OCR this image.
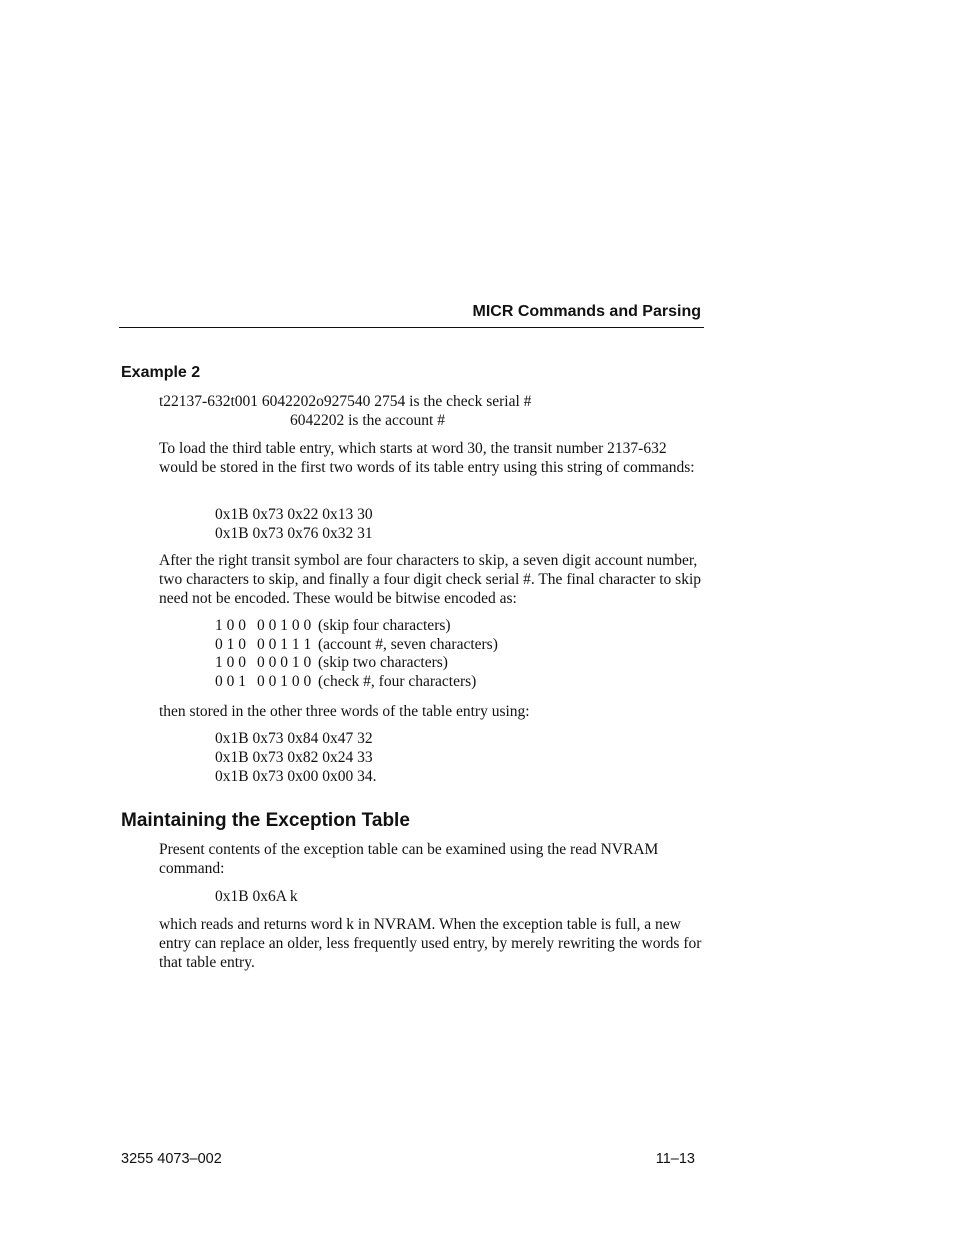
MICR Commands and Parsing
Example 2
t22137-632t001 6042202o927540 2754 is the check serial #
6042202 is the account #
To load the third table entry, which starts at word 30, the transit number 2137-632 would be stored in the first two words of its table entry using this string of commands:
0x1B 0x73 0x22 0x13 30
0x1B 0x73 0x76 0x32 31
After the right transit symbol are four characters to skip, a seven digit account number, two characters to skip, and finally a four digit check serial #. The final character to skip need not be encoded. These would be bitwise encoded as:
1 0 0	0 0 1 0 0	(skip four characters)
0 1 0	0 0 1 1 1	(account #, seven characters)
1 0 0	0 0 0 1 0	(skip two characters)
0 0 1	0 0 1 0 0	(check #, four characters)
then stored in the other three words of the table entry using:
0x1B 0x73 0x84 0x47 32
0x1B 0x73 0x82 0x24 33
0x1B 0x73 0x00 0x00 34.
Maintaining the Exception Table
Present contents of the exception table can be examined using the read NVRAM command:
0x1B 0x6A k
which reads and returns word k in NVRAM. When the exception table is full, a new entry can replace an older, less frequently used entry, by merely rewriting the words for that table entry.
3255 4073–002	11–13
